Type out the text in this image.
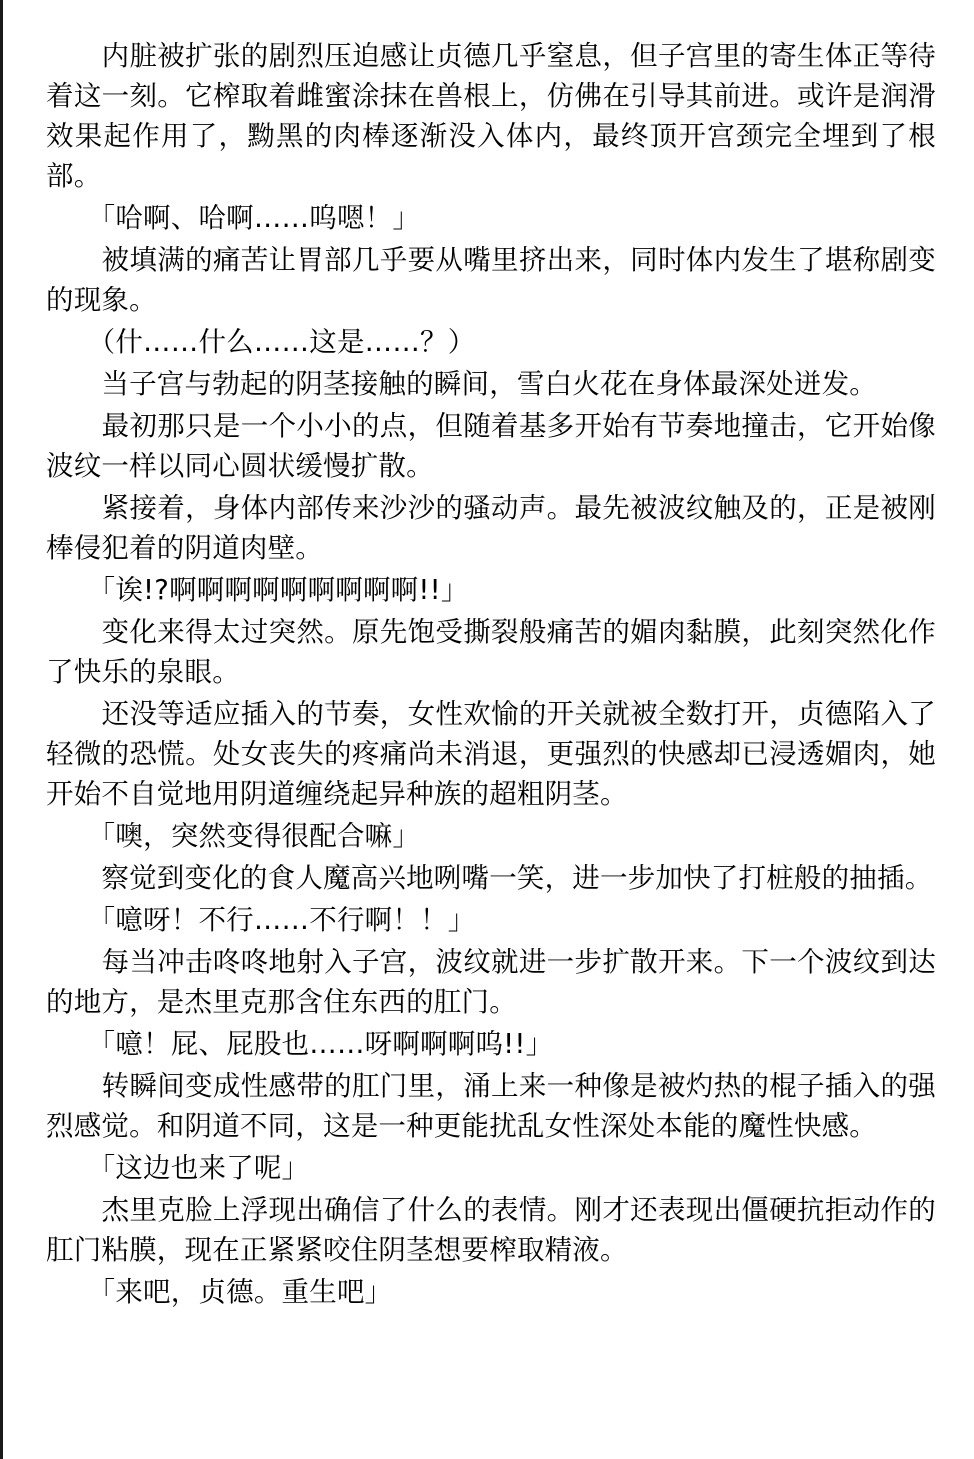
　　内脏被扩张的剧烈压迫感让贞德几乎窒息，但子宫里的寄生体正等待着这一刻。它榨取着雌蜜涂抹在兽根上，仿佛在引导其前进。或许是润滑效果起作用了，黝黑的肉棒逐渐没入体内，最终顶开宫颈完全埋到了根部。

　　「哈啊、哈啊……呜嗯！」

　　被填满的痛苦让胃部几乎要从嘴里挤出来，同时体内发生了堪称剧变的现象。

　　（什……什么……这是……？）

　　当子宫与勃起的阴茎接触的瞬间，雪白火花在身体最深处迸发。

　　最初那只是一个小小的点，但随着基多开始有节奏地撞击，它开始像波纹一样以同心圆状缓慢扩散。

　　紧接着，身体内部传来沙沙的骚动声。最先被波纹触及的，正是被刚棒侵犯着的阴道肉壁。

　　「诶!?啊啊啊啊啊啊啊啊啊!!」

　　变化来得太过突然。原先饱受撕裂般痛苦的媚肉黏膜，此刻突然化作了快乐的泉眼。

　　还没等适应插入的节奏，女性欢愉的开关就被全数打开，贞德陷入了轻微的恐慌。处女丧失的疼痛尚未消退，更强烈的快感却已浸透媚肉，她开始不自觉地用阴道缠绕起异种族的超粗阴茎。

　　「噢，突然变得很配合嘛」

　　察觉到变化的食人魔高兴地咧嘴一笑，进一步加快了打桩般的抽插。

　　「噫呀！不行……不行啊！！」

　　每当冲击咚咚地射入子宫，波纹就进一步扩散开来。下一个波纹到达的地方，是杰里克那含住东西的肛门。

　　「噫！屁、屁股也……呀啊啊啊呜!!」

　　转瞬间变成性感带的肛门里，涌上来一种像是被灼热的棍子插入的强烈感觉。和阴道不同，这是一种更能扰乱女性深处本能的魔性快感。

　　「这边也来了呢」

　　杰里克脸上浮现出确信了什么的表情。刚才还表现出僵硬抗拒动作的肛门粘膜，现在正紧紧咬住阴茎想要榨取精液。

　　「来吧，贞德。重生吧」
